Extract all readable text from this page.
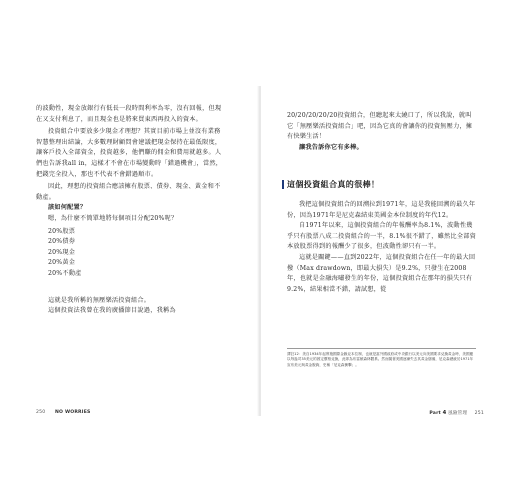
的波動性，現金放銀行有低長一段時間利率為零，沒有回報，但現在又支付利息了，而且現金也是將來買東西再投入的資本。

投資組合中要放多少現金才理想？其實目前市場上並沒有業務智慧整理出結論，大多數理財顧問會建議把現金保持在最低限度，讓客戶投入全部資金，投資越多，他們賺的佣金和費用就越多。人們也告訴我all in，這樣才不會在市場變動時「錯過機會」，當然，把錢完全投入，那也不代表不會錯過順市。

因此，理想的投資組合應該擁有股票、債券、現金、黃金和不動產。

該如何配置？

嗯，為什麼不簡單地將每個項目分配20%呢？

20%股票
20%債券
20%現金
20%黃金
20%不動產

這就是我所稱的無壓樂活投資組合。

這個投資法我曾在我的廣播節目說過，我稱為

250 NO WORRIES

20/20/20/20/20投資組合，但聽起來太繞口了，所以我說，就叫它「無壓樂活投資組合」吧，因為它真的會讓你的投資無壓力，擁有快樂生活！

讓我告訴你它有多棒。

這個投資組合真的很棒！

我把這個投資組合的回溯拉到1971年，這是我能回溯的最久年份，因為1971年是尼克森結束美國金本位制度的年代12。

自1971年以來，這個投資組合的年報酬率為8.1%，波動性幾乎只有股票八成二投資組合的一半，8.1%很不錯了，雖然比全部資本放股票得到的報酬少了很多，但波動性卻只有一半。

這就是關鍵——直到2022年，這個投資組合在任一年的最大回撥（Max drawdown，即最大損失）是9.2%，只發生在2008年，也就是金融海嘯發生的年份，這個投資組合在那年的損失只有9.2%，結果相當不錯，請試想，從

譯註12：美自1934年起實施國際金匯兌本位制，也就是當外國政府或中央銀行以美元向美國要求兌換黃金時，美國應以每盎司35美元的固定價格兌換，此即為布雷頓森林體系。然而隨著美國逐漸失去其黃金儲備，尼克森總統於1971年宣布美元與黃金脫鉤，史稱「尼克森衝擊」。
Part 4 風險管理 251
